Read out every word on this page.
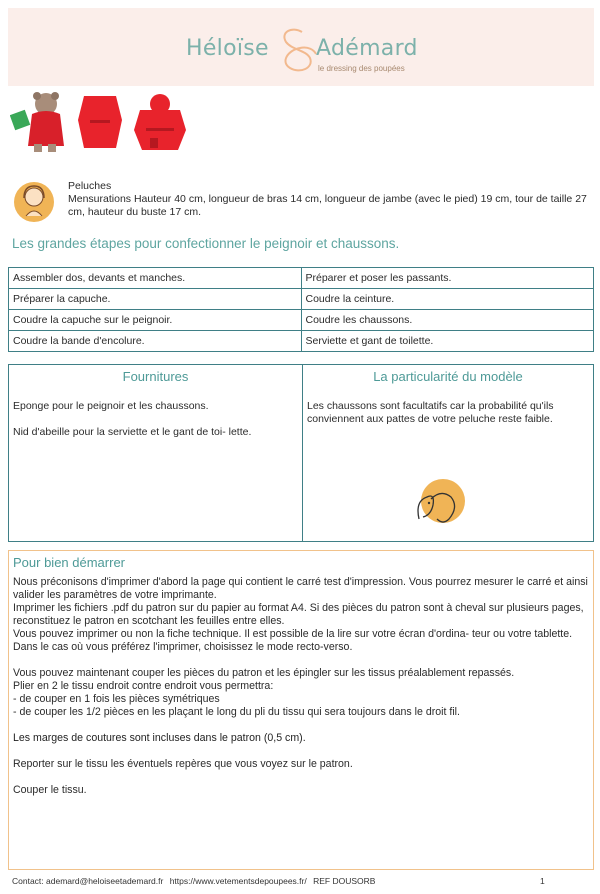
Héloïse Adémard
le dressing des poupées
Peluches
Mensurations Hauteur 40 cm, longueur de bras 14 cm, longueur de jambe (avec le pied) 19 cm, tour de taille 27 cm, hauteur du buste 17 cm.
Les grandes étapes pour confectionner le peignoir et chaussons.
Assembler dos, devants et manches.	Préparer et poser les passants.
Préparer la capuche.	Coudre la ceinture.
Coudre la capuche sur le peignoir.	Coudre les chaussons.
Coudre la bande d'encolure.	Serviette et gant de toilette.
Fournitures

Eponge pour le peignoir et les chaussons.

Nid d'abeille pour la serviette et le gant de toi- lette.

La particularité du modèle

Les chaussons sont facultatifs car la probabilité qu'ils conviennent aux pattes de votre peluche reste faible.

Pour bien démarrer
Nous préconisons d'imprimer d'abord la page qui contient le carré test d'impression. Vous pourrez mesurer le carré et ainsi valider les paramètres de votre imprimante.
Imprimer les fichiers .pdf du patron sur du papier au format A4. Si des pièces du patron sont à cheval sur plusieurs pages, reconstituez le patron en scotchant les feuilles entre elles.
Vous pouvez imprimer ou non la fiche technique. Il est possible de la lire sur votre écran d'ordina- teur ou votre tablette. Dans le cas où vous préférez l'imprimer, choisissez le mode recto-verso.
Vous pouvez maintenant couper les pièces du patron et les épingler sur les tissus préalablement repassés.
Plier en 2 le tissu endroit contre endroit vous permettra:
- de couper en 1 fois les pièces symétriques
- de couper les 1/2 pièces en les plaçant le long du pli du tissu qui sera toujours dans le droit fil.
Les marges de coutures sont incluses dans le patron (0,5 cm).
Reporter sur le tissu les éventuels repères que vous voyez sur le patron.
Couper le tissu.
Contact: ademard@heloiseetademard.fr https://www.vetementsdepoupees.fr/ REF DOUSORB	1
